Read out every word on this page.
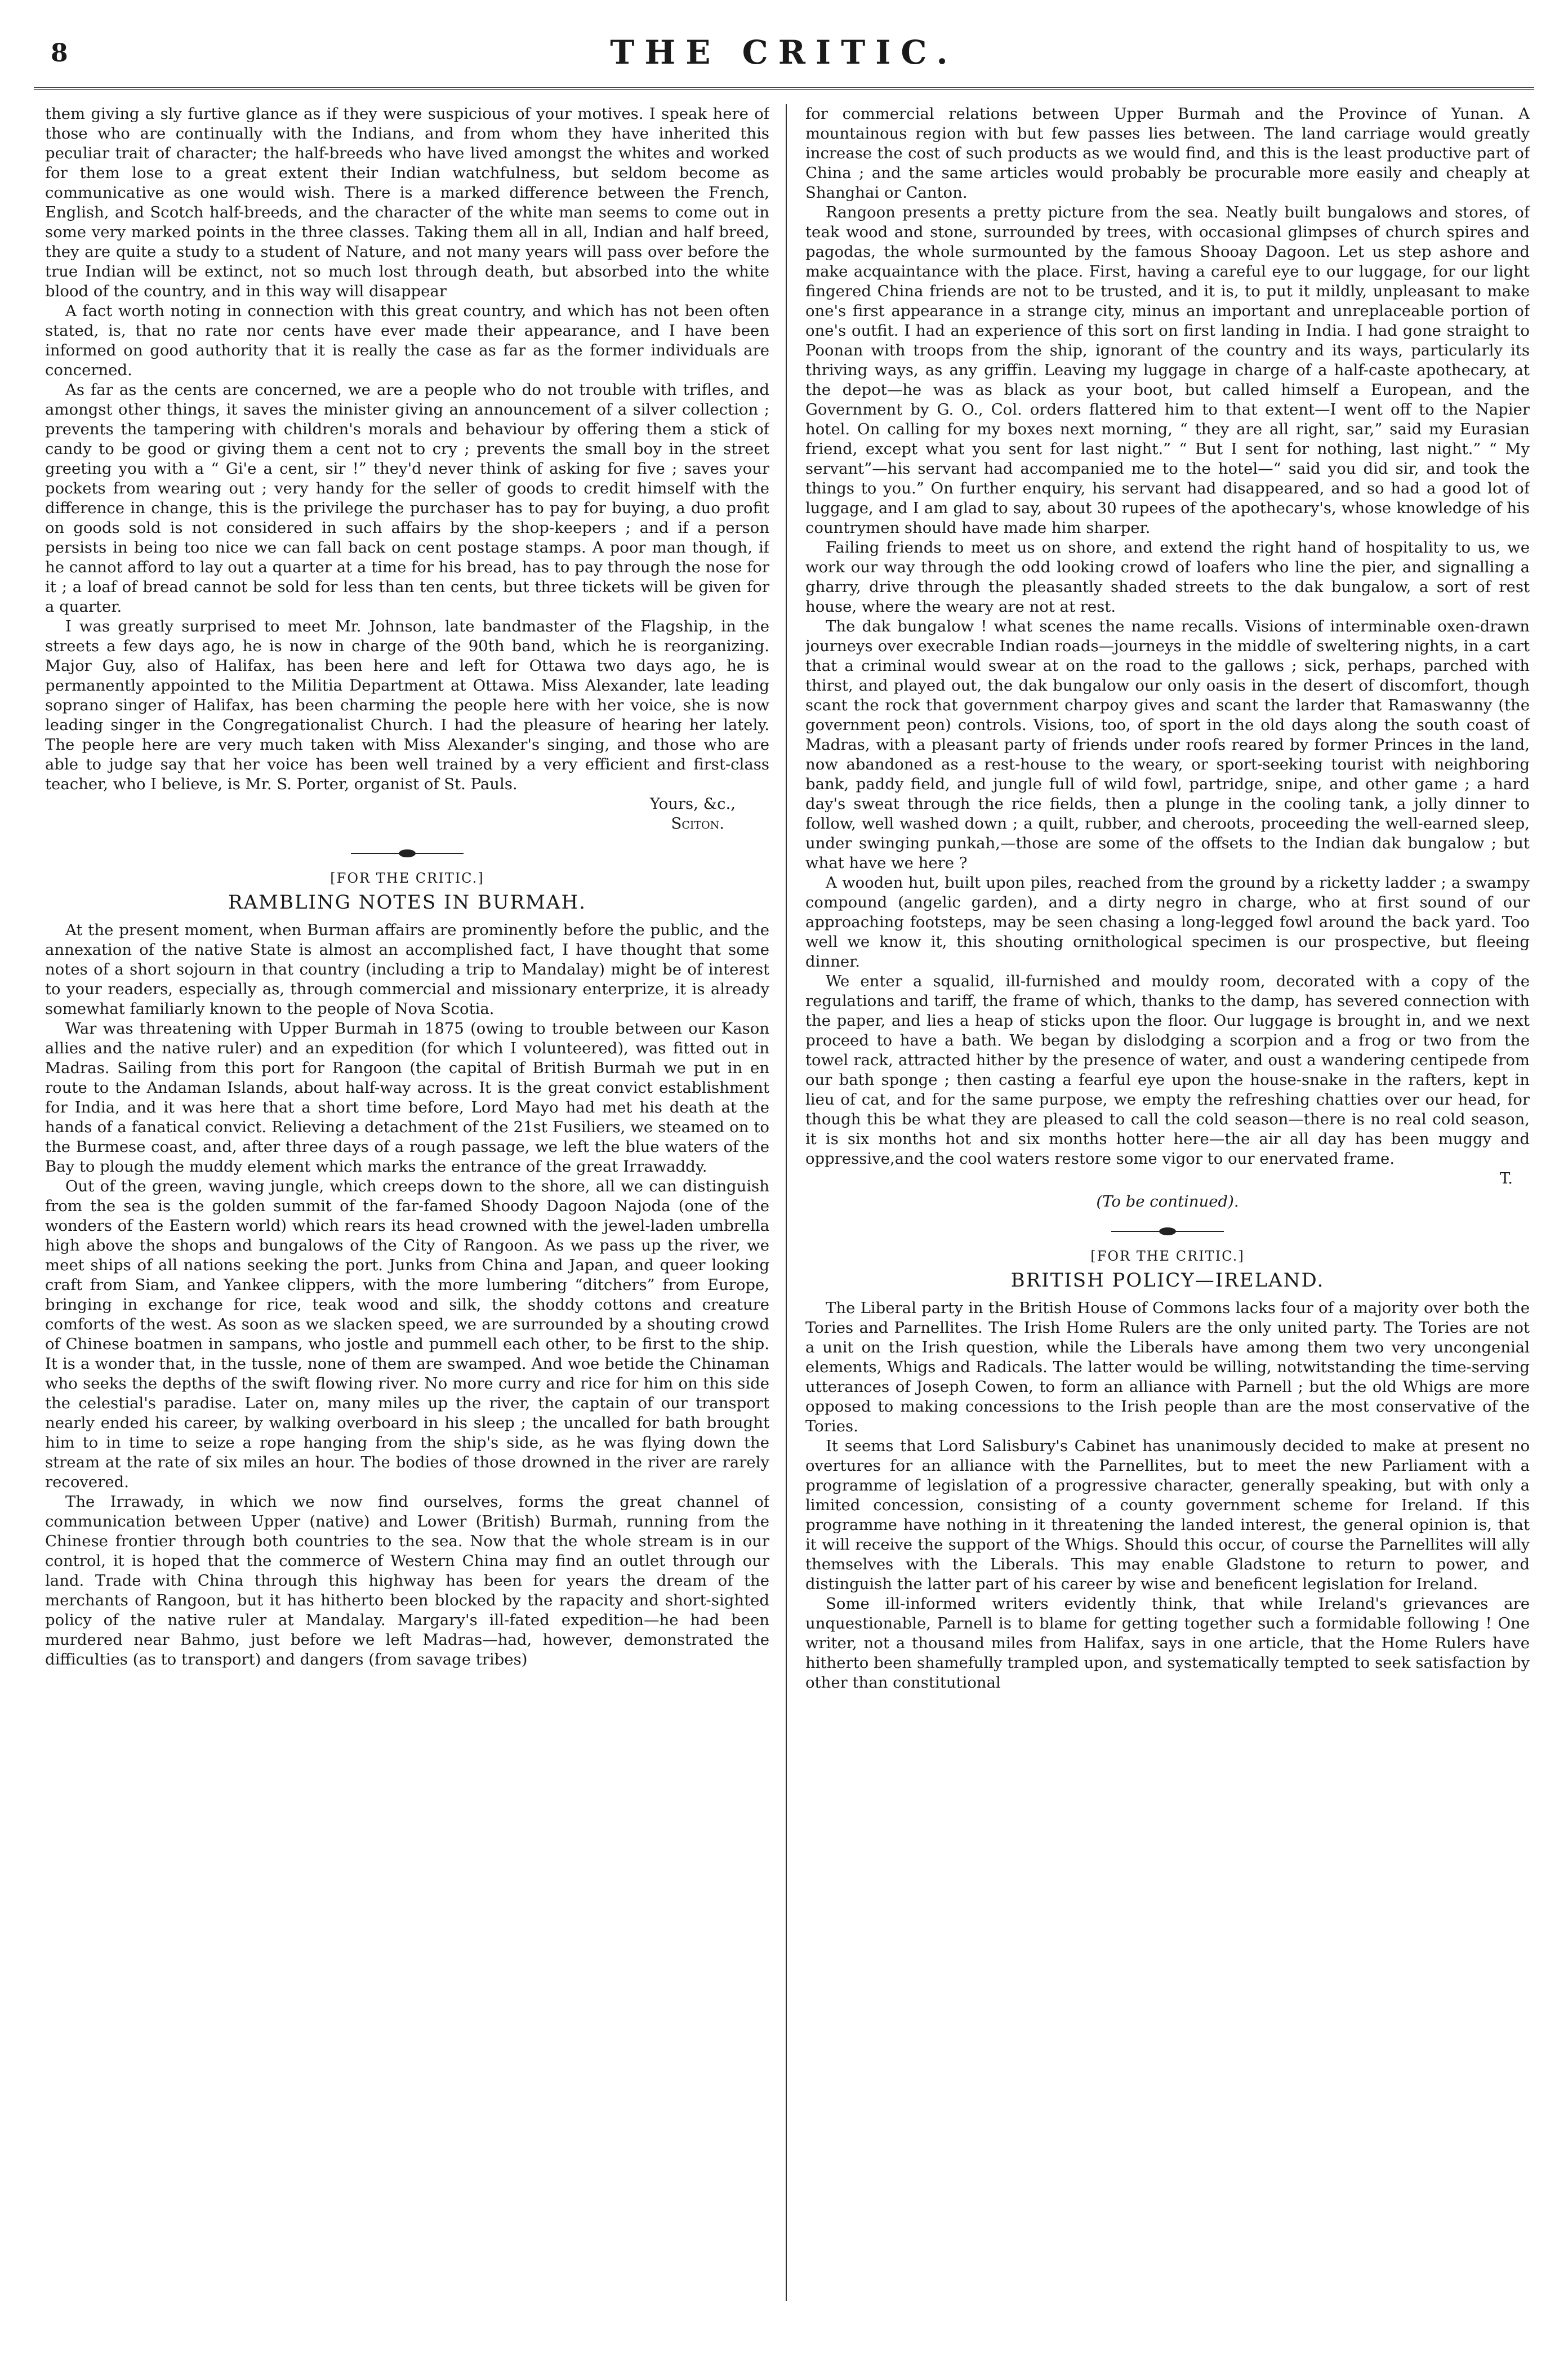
8	THE CRITIC.

them giving a sly furtive glance as if they were suspicious of your motives. I speak here of those who are continually with the Indians, and from whom they have inherited this peculiar trait of character; the half-breeds who have lived amongst the whites and worked for them lose to a great extent their Indian watchfulness, but seldom become as communicative as one would wish. There is a marked difference between the French, English, and Scotch half-breeds, and the character of the white man seems to come out in some very marked points in the three classes. Taking them all in all, Indian and half breed, they are quite a study to a student of Nature, and not many years will pass over before the true Indian will be extinct, not so much lost through death, but absorbed into the white blood of the country, and in this way will disappear

A fact worth noting in connection with this great country, and which has not been often stated, is, that no rate nor cents have ever made their appearance, and I have been informed on good authority that it is really the case as far as the former individuals are concerned.

As far as the cents are concerned, we are a people who do not trouble with trifles, and amongst other things, it saves the minister giving an announcement of a silver collection ; prevents the tampering with children's morals and behaviour by offering them a stick of candy to be good or giving them a cent not to cry ; prevents the small boy in the street greeting you with a “ Gi'e a cent, sir !” they'd never think of asking for five ; saves your pockets from wearing out ; very handy for the seller of goods to credit himself with the difference in change, this is the privilege the purchaser has to pay for buying, a duo profit on goods sold is not considered in such affairs by the shop-keepers ; and if a person persists in being too nice we can fall back on cent postage stamps. A poor man though, if he cannot afford to lay out a quarter at a time for his bread, has to pay through the nose for it ; a loaf of bread cannot be sold for less than ten cents, but three tickets will be given for a quarter.

I was greatly surprised to meet Mr. Johnson, late bandmaster of the Flagship, in the streets a few days ago, he is now in charge of the 90th band, which he is reorganizing. Major Guy, also of Halifax, has been here and left for Ottawa two days ago, he is permanently appointed to the Militia Department at Ottawa. Miss Alexander, late leading soprano singer of Halifax, has been charming the people here with her voice, she is now leading singer in the Congregationalist Church. I had the pleasure of hearing her lately. The people here are very much taken with Miss Alexander's singing, and those who are able to judge say that her voice has been well trained by a very efficient and first-class teacher, who I believe, is Mr. S. Porter, organist of St. Pauls.

Yours, &c.,
Sciton.
[FOR THE CRITIC.]
RAMBLING NOTES IN BURMAH.

At the present moment, when Burman affairs are prominently before the public, and the annexation of the native State is almost an accomplished fact, I have thought that some notes of a short sojourn in that country (including a trip to Mandalay) might be of interest to your readers, especially as, through commercial and missionary enterprize, it is already somewhat familiarly known to the people of Nova Scotia.

War was threatening with Upper Burmah in 1875 (owing to trouble between our Kason allies and the native ruler) and an expedition (for which I volunteered), was fitted out in Madras. Sailing from this port for Rangoon (the capital of British Burmah we put in en route to the Andaman Islands, about half-way across. It is the great convict establishment for India, and it was here that a short time before, Lord Mayo had met his death at the hands of a fanatical convict. Relieving a detachment of the 21st Fusiliers, we steamed on to the Burmese coast, and, after three days of a rough passage, we left the blue waters of the Bay to plough the muddy element which marks the entrance of the great Irrawaddy.

Out of the green, waving jungle, which creeps down to the shore, all we can distinguish from the sea is the golden summit of the far-famed Shoody Dagoon Najoda (one of the wonders of the Eastern world) which rears its head crowned with the jewel-laden umbrella high above the shops and bungalows of the City of Rangoon. As we pass up the river, we meet ships of all nations seeking the port. Junks from China and Japan, and queer looking craft from Siam, and Yankee clippers, with the more lumbering “ditchers” from Europe, bringing in exchange for rice, teak wood and silk, the shoddy cottons and creature comforts of the west. As soon as we slacken speed, we are surrounded by a shouting crowd of Chinese boatmen in sampans, who jostle and pummell each other, to be first to the ship. It is a wonder that, in the tussle, none of them are swamped. And woe betide the Chinaman who seeks the depths of the swift flowing river. No more curry and rice for him on this side the celestial's paradise. Later on, many miles up the river, the captain of our transport nearly ended his career, by walking overboard in his sleep ; the uncalled for bath brought him to in time to seize a rope hanging from the ship's side, as he was flying down the stream at the rate of six miles an hour. The bodies of those drowned in the river are rarely recovered.

The Irrawady, in which we now find ourselves, forms the great channel of communication between Upper (native) and Lower (British) Burmah, running from the Chinese frontier through both countries to the sea. Now that the whole stream is in our control, it is hoped that the commerce of Western China may find an outlet through our land. Trade with China through this highway has been for years the dream of the merchants of Rangoon, but it has hitherto been blocked by the rapacity and short-sighted policy of the native ruler at Mandalay. Margary's ill-fated expedition—he had been murdered near Bahmo, just before we left Madras—had, however, demonstrated the difficulties (as to transport) and dangers (from savage tribes)

for commercial relations between Upper Burmah and the Province of Yunan. A mountainous region with but few passes lies between. The land carriage would greatly increase the cost of such products as we would find, and this is the least productive part of China ; and the same articles would probably be procurable more easily and cheaply at Shanghai or Canton.

Rangoon presents a pretty picture from the sea. Neatly built bungalows and stores, of teak wood and stone, surrounded by trees, with occasional glimpses of church spires and pagodas, the whole surmounted by the famous Shooay Dagoon. Let us step ashore and make acquaintance with the place. First, having a careful eye to our luggage, for our light fingered China friends are not to be trusted, and it is, to put it mildly, unpleasant to make one's first appearance in a strange city, minus an important and unreplaceable portion of one's outfit. I had an experience of this sort on first landing in India. I had gone straight to Poonan with troops from the ship, ignorant of the country and its ways, particularly its thriving ways, as any griffin. Leaving my luggage in charge of a half-caste apothecary, at the depot—he was as black as your boot, but called himself a European, and the Government by G. O., Col. orders flattered him to that extent—I went off to the Napier hotel. On calling for my boxes next morning, “ they are all right, sar,” said my Eurasian friend, except what you sent for last night.” “ But I sent for nothing, last night.” “ My servant”—his servant had accompanied me to the hotel—“ said you did sir, and took the things to you.” On further enquiry, his servant had disappeared, and so had a good lot of luggage, and I am glad to say, about 30 rupees of the apothecary's, whose knowledge of his countrymen should have made him sharper.

Failing friends to meet us on shore, and extend the right hand of hospitality to us, we work our way through the odd looking crowd of loafers who line the pier, and signalling a gharry, drive through the pleasantly shaded streets to the dak bungalow, a sort of rest house, where the weary are not at rest.

The dak bungalow ! what scenes the name recalls. Visions of interminable oxen-drawn journeys over execrable Indian roads—journeys in the middle of sweltering nights, in a cart that a criminal would swear at on the road to the gallows ; sick, perhaps, parched with thirst, and played out, the dak bungalow our only oasis in the desert of discomfort, though scant the rock that government charpoy gives and scant the larder that Ramaswanny (the government peon) controls. Visions, too, of sport in the old days along the south coast of Madras, with a pleasant party of friends under roofs reared by former Princes in the land, now abandoned as a rest-house to the weary, or sport-seeking tourist with neighboring bank, paddy field, and jungle full of wild fowl, partridge, snipe, and other game ; a hard day's sweat through the rice fields, then a plunge in the cooling tank, a jolly dinner to follow, well washed down ; a quilt, rubber, and cheroots, proceeding the well-earned sleep, under swinging punkah,—those are some of the offsets to the Indian dak bungalow ; but what have we here ?

A wooden hut, built upon piles, reached from the ground by a ricketty ladder ; a swampy compound (angelic garden), and a dirty negro in charge, who at first sound of our approaching footsteps, may be seen chasing a long-legged fowl around the back yard. Too well we know it, this shouting ornithological specimen is our prospective, but fleeing dinner.

We enter a squalid, ill-furnished and mouldy room, decorated with a copy of the regulations and tariff, the frame of which, thanks to the damp, has severed connection with the paper, and lies a heap of sticks upon the floor. Our luggage is brought in, and we next proceed to have a bath. We began by dislodging a scorpion and a frog or two from the towel rack, attracted hither by the presence of water, and oust a wandering centipede from our bath sponge ; then casting a fearful eye upon the house-snake in the rafters, kept in lieu of cat, and for the same purpose, we empty the refreshing chatties over our head, for though this be what they are pleased to call the cold season—there is no real cold season, it is six months hot and six months hotter here—the air all day has been muggy and oppressive,and the cool waters restore some vigor to our enervated frame.

T.
(To be continued).
[FOR THE CRITIC.]
BRITISH POLICY—IRELAND.

The Liberal party in the British House of Commons lacks four of a majority over both the Tories and Parnellites. The Irish Home Rulers are the only united party. The Tories are not a unit on the Irish question, while the Liberals have among them two very uncongenial elements, Whigs and Radicals. The latter would be willing, notwitstanding the time-serving utterances of Joseph Cowen, to form an alliance with Parnell ; but the old Whigs are more opposed to making concessions to the Irish people than are the most conservative of the Tories.

It seems that Lord Salisbury's Cabinet has unanimously decided to make at present no overtures for an alliance with the Parnellites, but to meet the new Parliament with a programme of legislation of a progressive character, generally speaking, but with only a limited concession, consisting of a county government scheme for Ireland. If this programme have nothing in it threatening the landed interest, the general opinion is, that it will receive the support of the Whigs. Should this occur, of course the Parnellites will ally themselves with the Liberals. This may enable Gladstone to return to power, and distinguish the latter part of his career by wise and beneficent legislation for Ireland.

Some ill-informed writers evidently think, that while Ireland's grievances are unquestionable, Parnell is to blame for getting together such a formidable following ! One writer, not a thousand miles from Halifax, says in one article, that the Home Rulers have hitherto been shamefully trampled upon, and systematically tempted to seek satisfaction by other than constitutional
